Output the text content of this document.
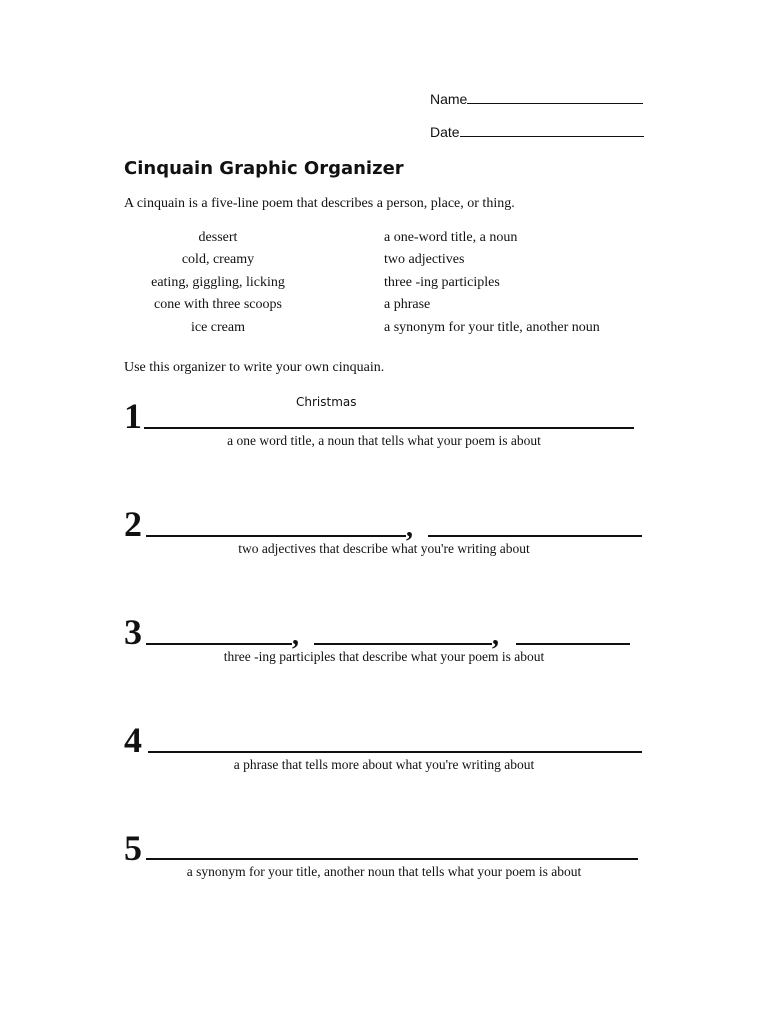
Name
Date
Cinquain Graphic Organizer
A cinquain is a five-line poem that describes a person, place, or thing.
dessert	a one-word title, a noun
cold, creamy	two adjectives
eating, giggling, licking	three -ing participles
cone with three scoops	a phrase
ice cream	a synonym for your title, another noun
Use this organizer to write your own cinquain.
Christmas
1
a one word title, a noun that tells what your poem is about
2	,
two adjectives that describe what you're writing about
3	,	,
three -ing participles that describe what your poem is about
4
a phrase that tells more about what you're writing about
5
a synonym for your title, another noun that tells what your poem is about
